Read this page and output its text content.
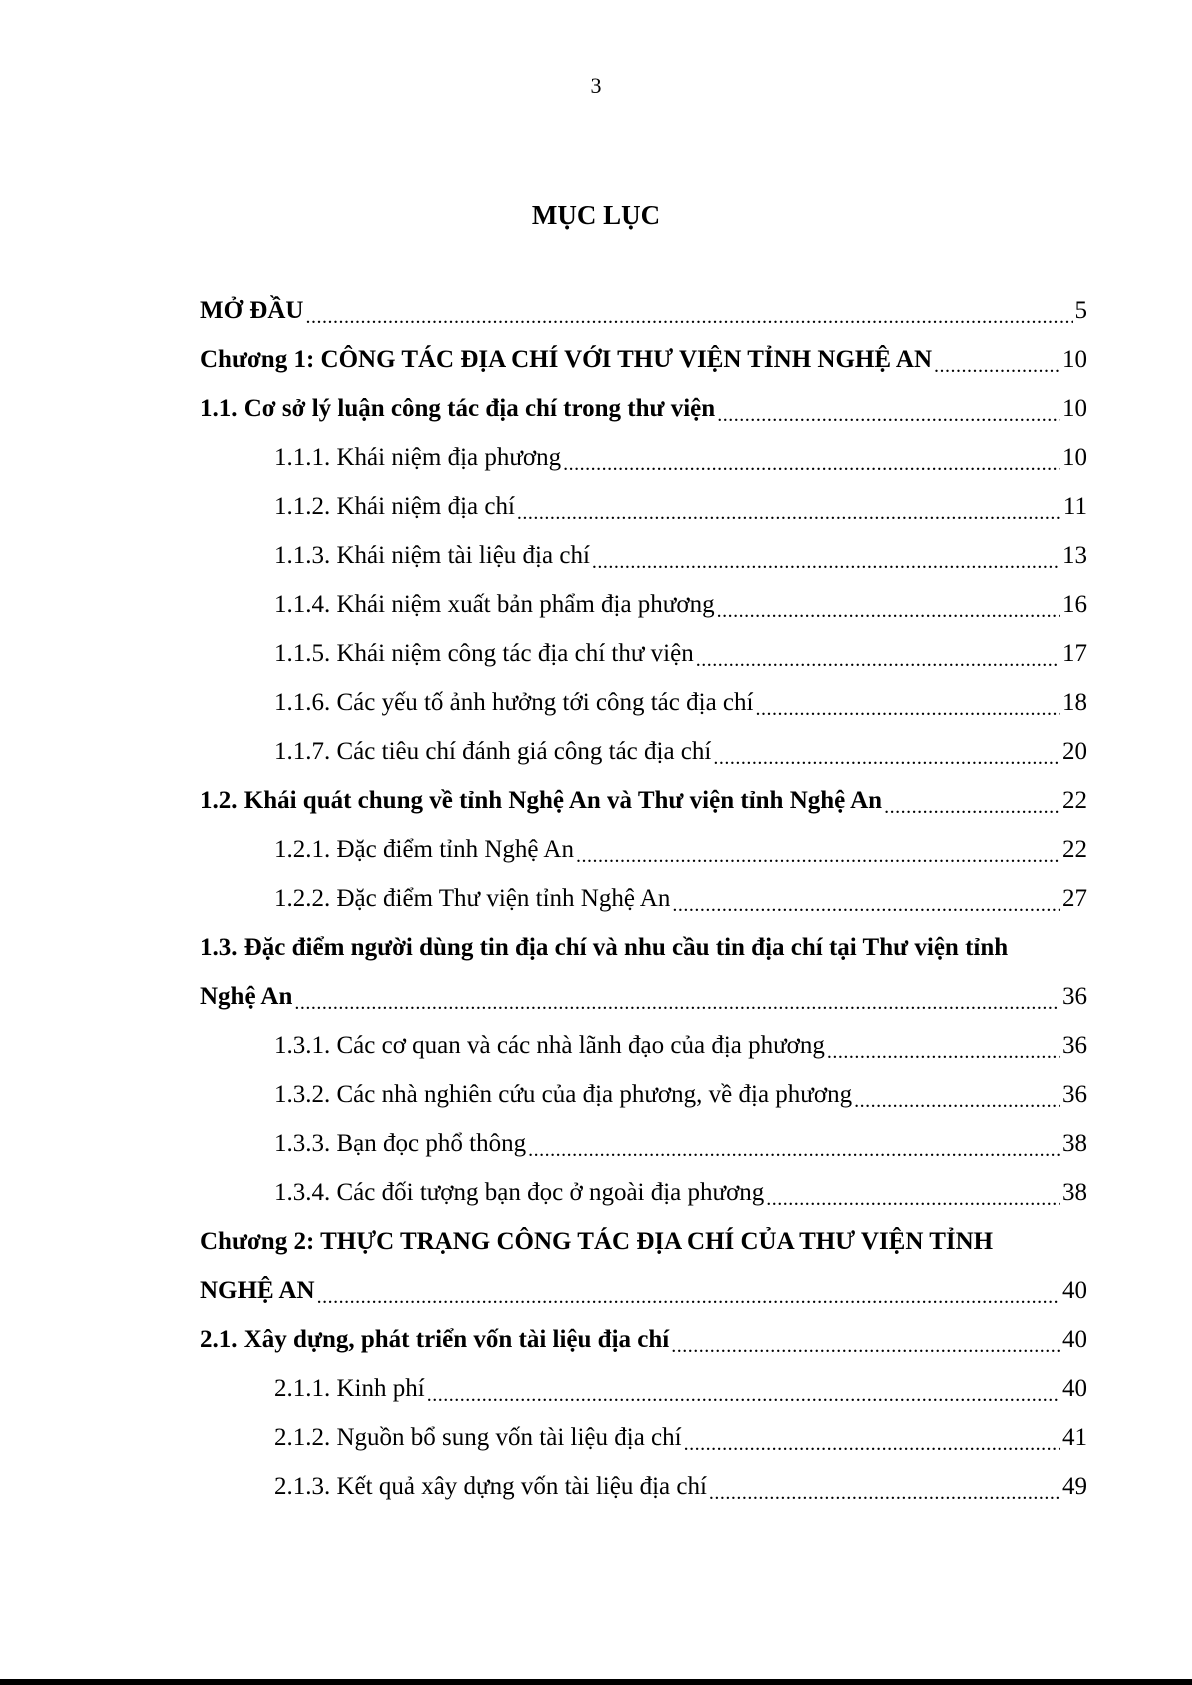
3
MỤC LỤC
MỞ ĐẦU .....	5
Chương 1: CÔNG TÁC ĐỊA CHÍ VỚI THƯ VIỆN TỈNH NGHỆ AN .....	10
1.1. Cơ sở lý luận công tác địa chí trong thư viện .....	10
1.1.1. Khái niệm địa phương .....	10
1.1.2. Khái niệm địa chí .....	11
1.1.3. Khái niệm tài liệu địa chí .....	13
1.1.4. Khái niệm xuất bản phẩm địa phương .....	16
1.1.5. Khái niệm công tác địa chí thư viện .....	17
1.1.6. Các yếu tố ảnh hưởng tới công tác địa chí .....	18
1.1.7. Các tiêu chí đánh giá công tác địa chí .....	20
1.2. Khái quát chung về tỉnh Nghệ An và Thư viện tỉnh Nghệ An .....	22
1.2.1. Đặc điểm tỉnh Nghệ An .....	22
1.2.2. Đặc điểm Thư viện tỉnh Nghệ An .....	27
1.3. Đặc điểm người dùng tin địa chí và nhu cầu tin địa chí tại Thư viện tỉnh
Nghệ An .....	36
1.3.1. Các cơ quan và các nhà lãnh đạo của địa phương .....	36
1.3.2. Các nhà nghiên cứu của địa phương, về địa phương .....	36
1.3.3. Bạn đọc phổ thông .....	38
1.3.4. Các đối tượng bạn đọc ở ngoài địa phương .....	38
Chương 2: THỰC TRẠNG CÔNG TÁC ĐỊA CHÍ CỦA THƯ VIỆN TỈNH
NGHỆ AN .....	40
2.1. Xây dựng, phát triển vốn tài liệu địa chí .....	40
2.1.1. Kinh phí .....	40
2.1.2. Nguồn bổ sung vốn tài liệu địa chí .....	41
2.1.3. Kết quả xây dựng vốn tài liệu địa chí .....	49
